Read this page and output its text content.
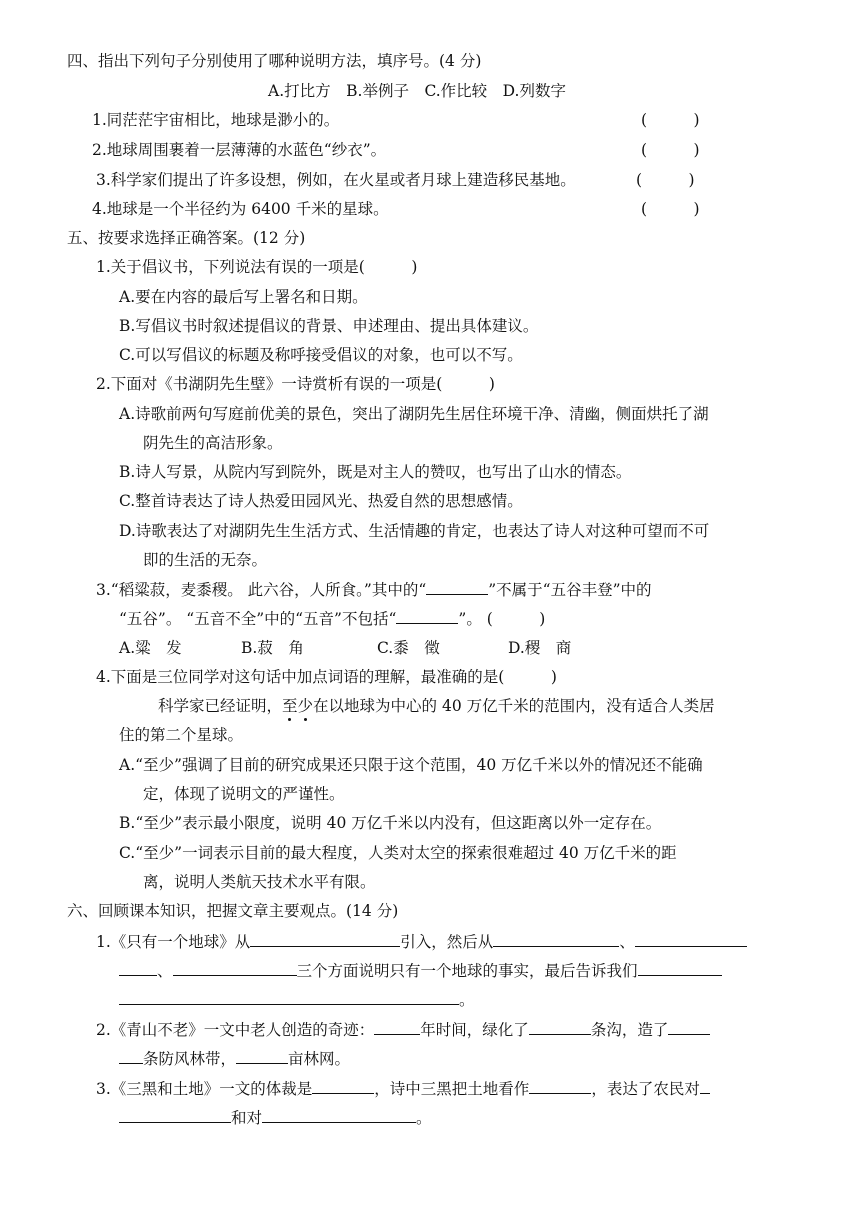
四、指出下列句子分别使用了哪种说明方法，填序号。(4 分)
A.打比方　B.举例子　C.作比较　D.列数字
1.同茫茫宇宙相比，地球是渺小的。	(　　　)
2.地球周围裹着一层薄薄的水蓝色“纱衣”。	(　　　)
3.科学家们提出了许多设想，例如，在火星或者月球上建造移民基地。	(　　　)
4.地球是一个半径约为 6400 千米的星球。	(　　　)
五、按要求选择正确答案。(12 分)
1.关于倡议书，下列说法有误的一项是(　　　)
A.要在内容的最后写上署名和日期。
B.写倡议书时叙述提倡议的背景、申述理由、提出具体建议。
C.可以写倡议的标题及称呼接受倡议的对象，也可以不写。
2.下面对《书湖阴先生壁》一诗赏析有误的一项是(　　　)
A.诗歌前两句写庭前优美的景色，突出了湖阴先生居住环境干净、清幽，侧面烘托了湖
阴先生的高洁形象。
B.诗人写景，从院内写到院外，既是对主人的赞叹，也写出了山水的情态。
C.整首诗表达了诗人热爱田园风光、热爱自然的思想感情。
D.诗歌表达了对湖阴先生生活方式、生活情趣的肯定，也表达了诗人对这种可望而不可
即的生活的无奈。
3.“稻粱菽，麦黍稷。 此六谷，人所食。”其中的“	”不属于“五谷丰登”中的
“五谷”。 “五音不全”中的“五音”不包括“	”。 (　　　)
A.粱　发	B.菽　角	C.黍　徵	D.稷　商
4.下面是三位同学对这句话中加点词语的理解，最准确的是(　　　)
科学家已经证明，至
少
在以地球为中心的 40 万亿千米的范围内，没有适合人类居
住的第二个星球。
A.“至少”强调了目前的研究成果还只限于这个范围，40 万亿千米以外的情况还不能确
定，体现了说明文的严谨性。
B.“至少”表示最小限度，说明 40 万亿千米以内没有，但这距离以外一定存在。
C.“至少”一词表示目前的最大程度，人类对太空的探索很难超过 40 万亿千米的距
离，说明人类航天技术水平有限。
六、回顾课本知识，把握文章主要观点。(14 分)
1.《只有一个地球》从	引入，然后从	、
、	三个方面说明只有一个地球的事实，最后告诉我们
。
2.《青山不老》一文中老人创造的奇迹：	年时间，绿化了	条沟，造了
条防风林带，	亩林网。
3.《三黑和土地》一文的体裁是	，诗中三黑把土地看作	，表达了农民对
和对	。
